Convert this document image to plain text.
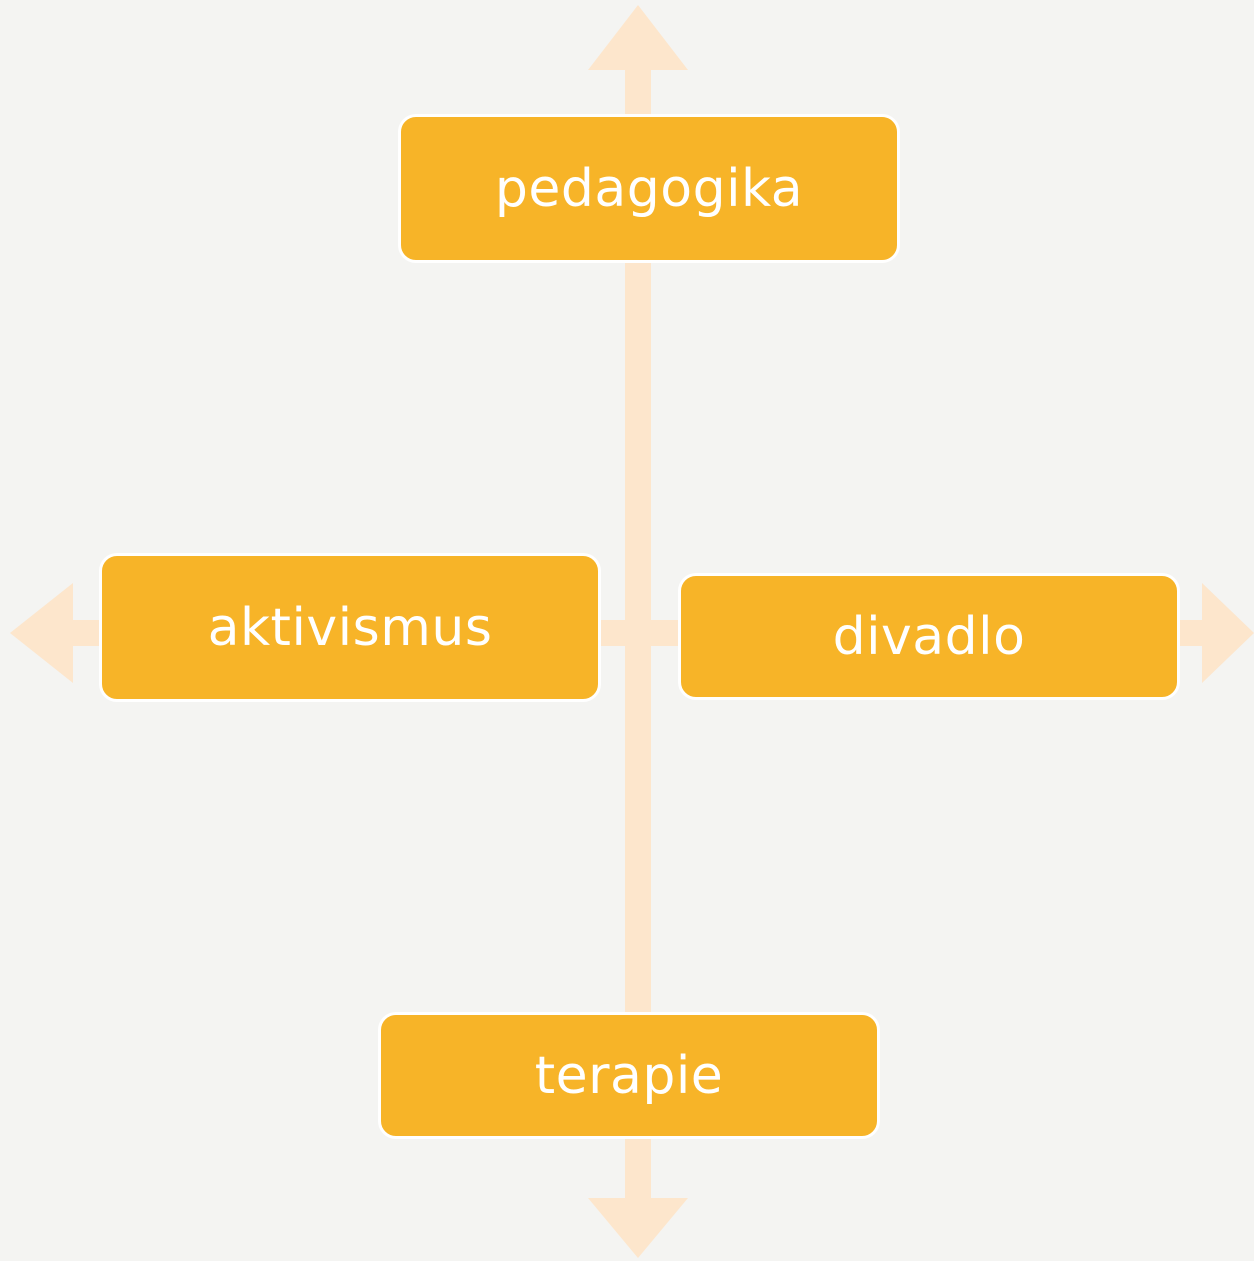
pedagogika
aktivismus	divadlo
terapie
